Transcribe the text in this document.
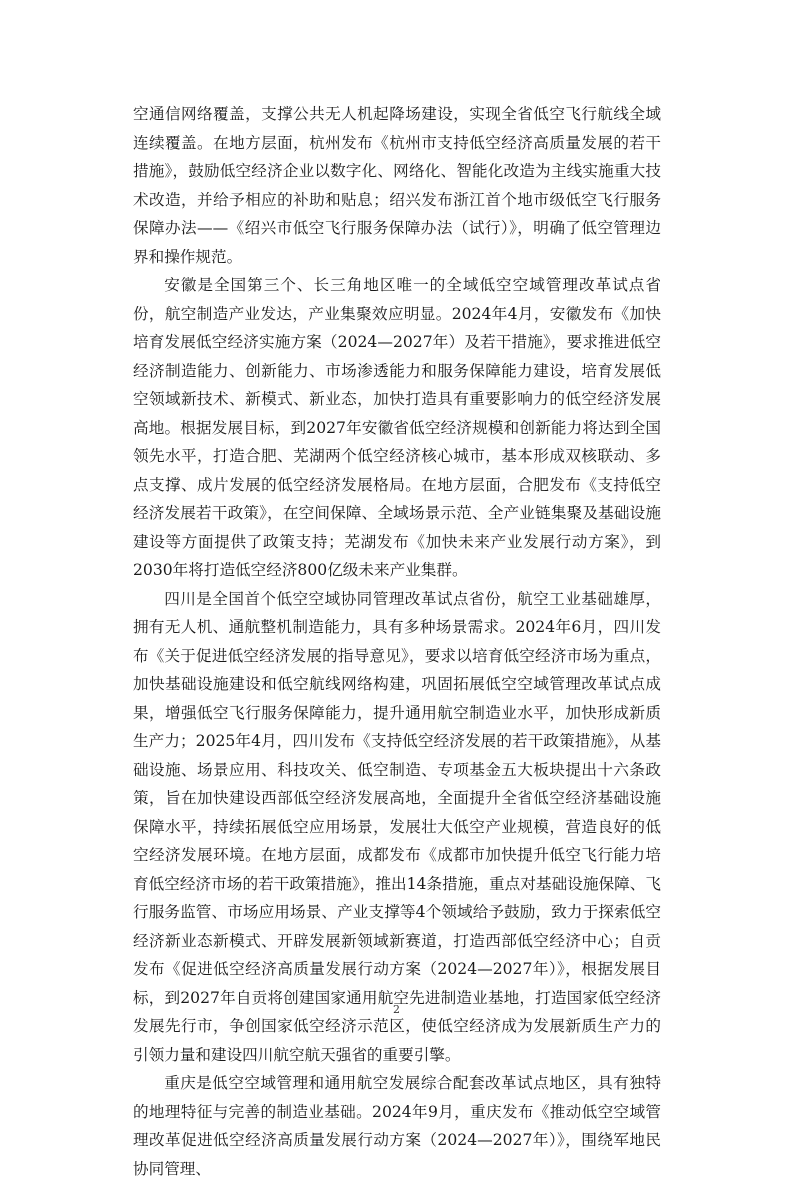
空通信网络覆盖，支撑公共无人机起降场建设，实现全省低空飞行航线全域连续覆盖。在地方层面，杭州发布《杭州市支持低空经济高质量发展的若干措施》，鼓励低空经济企业以数字化、网络化、智能化改造为主线实施重大技术改造，并给予相应的补助和贴息；绍兴发布浙江首个地市级低空飞行服务保障办法——《绍兴市低空飞行服务保障办法（试行）》，明确了低空管理边界和操作规范。

安徽是全国第三个、长三角地区唯一的全域低空空域管理改革试点省份，航空制造产业发达，产业集聚效应明显。2024年4月，安徽发布《加快培育发展低空经济实施方案（2024—2027年）及若干措施》，要求推进低空经济制造能力、创新能力、市场渗透能力和服务保障能力建设，培育发展低空领域新技术、新模式、新业态，加快打造具有重要影响力的低空经济发展高地。根据发展目标，到2027年安徽省低空经济规模和创新能力将达到全国领先水平，打造合肥、芜湖两个低空经济核心城市，基本形成双核联动、多点支撑、成片发展的低空经济发展格局。在地方层面，合肥发布《支持低空经济发展若干政策》，在空间保障、全域场景示范、全产业链集聚及基础设施建设等方面提供了政策支持；芜湖发布《加快未来产业发展行动方案》，到2030年将打造低空经济800亿级未来产业集群。

四川是全国首个低空空域协同管理改革试点省份，航空工业基础雄厚，拥有无人机、通航整机制造能力，具有多种场景需求。2024年6月，四川发布《关于促进低空经济发展的指导意见》，要求以培育低空经济市场为重点，加快基础设施建设和低空航线网络构建，巩固拓展低空空域管理改革试点成果，增强低空飞行服务保障能力，提升通用航空制造业水平，加快形成新质生产力；2025年4月，四川发布《支持低空经济发展的若干政策措施》，从基础设施、场景应用、科技攻关、低空制造、专项基金五大板块提出十六条政策，旨在加快建设西部低空经济发展高地，全面提升全省低空经济基础设施保障水平，持续拓展低空应用场景，发展壮大低空产业规模，营造良好的低空经济发展环境。在地方层面，成都发布《成都市加快提升低空飞行能力培育低空经济市场的若干政策措施》，推出14条措施，重点对基础设施保障、飞行服务监管、市场应用场景、产业支撑等4个领域给予鼓励，致力于探索低空经济新业态新模式、开辟发展新领域新赛道，打造西部低空经济中心；自贡发布《促进低空经济高质量发展行动方案（2024—2027年）》，根据发展目标，到2027年自贡将创建国家通用航空先进制造业基地，打造国家低空经济发展先行市，争创国家低空经济示范区，使低空经济成为发展新质生产力的引领力量和建设四川航空航天强省的重要引擎。

重庆是低空空域管理和通用航空发展综合配套改革试点地区，具有独特的地理特征与完善的制造业基础。2024年9月，重庆发布《推动低空空域管理改革促进低空经济高质量发展行动方案（2024—2027年）》，围绕军地民协同管理、

2
